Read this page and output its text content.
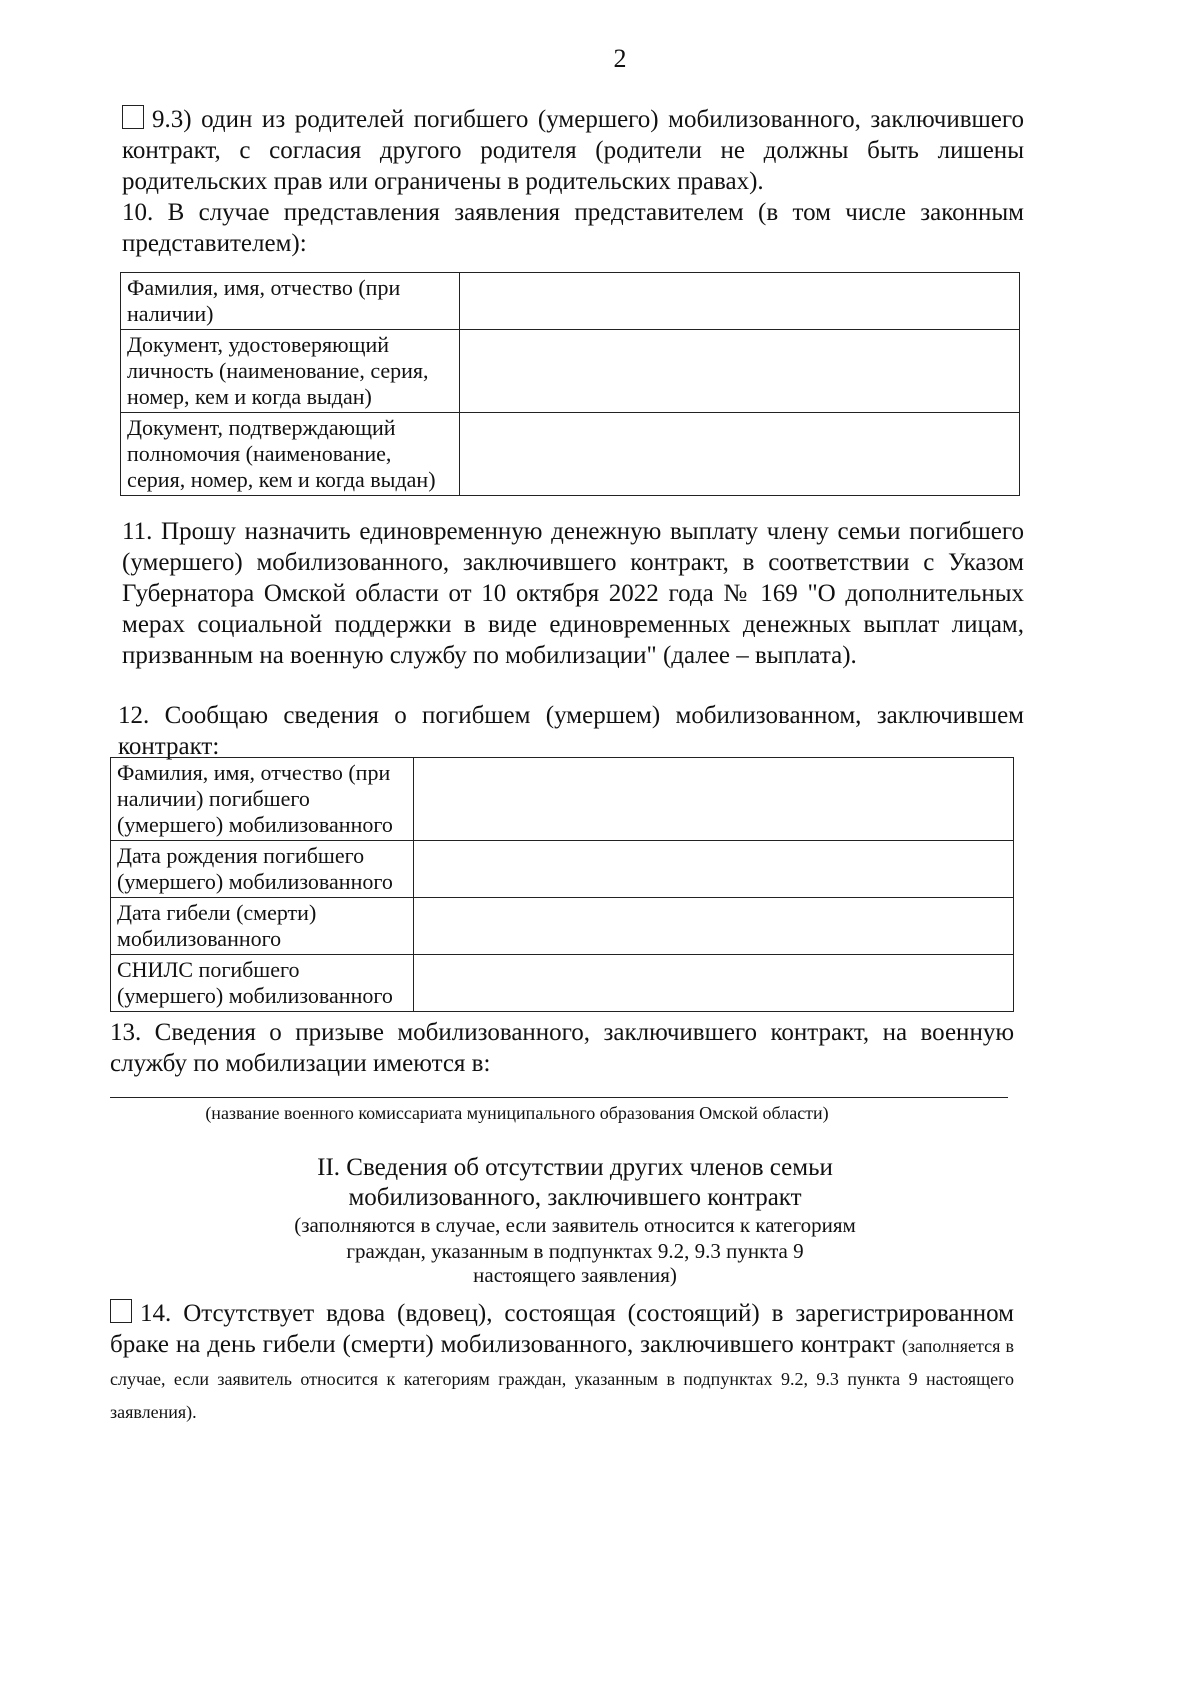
2
9.3) один из родителей погибшего (умершего) мобилизованного, заключившего контракт, с согласия другого родителя (родители не должны быть лишены родительских прав или ограничены в родительских правах).
10. В случае представления заявления представителем (в том числе законным представителем):
Фамилия, имя, отчество (при наличии)	
Документ, удостоверяющий личность (наименование, серия, номер, кем и когда выдан)	
Документ, подтверждающий полномочия (наименование, серия, номер, кем и когда выдан)	
11. Прошу назначить единовременную денежную выплату члену семьи погибшего (умершего) мобилизованного, заключившего контракт, в соответствии с Указом Губернатора Омской области от 10 октября 2022 года № 169 "О дополнительных мерах социальной поддержки в виде единовременных денежных выплат лицам, призванным на военную службу по мобилизации" (далее – выплата).
12. Сообщаю сведения о погибшем (умершем) мобилизованном, заключившем контракт:
Фамилия, имя, отчество (при наличии) погибшего (умершего) мобилизованного	
Дата рождения погибшего (умершего) мобилизованного	
Дата гибели (смерти) мобилизованного	
СНИЛС погибшего (умершего) мобилизованного	
13. Сведения о призыве мобилизованного, заключившего контракт, на военную службу по мобилизации имеются в:
(название военного комиссариата муниципального образования Омской области)
II. Сведения об отсутствии других членов семьи
мобилизованного, заключившего контракт
(заполняются в случае, если заявитель относится к категориям
граждан, указанным в подпунктах 9.2, 9.3 пункта 9
настоящего заявления)
14. Отсутствует вдова (вдовец), состоящая (состоящий) в зарегистрированном браке на день гибели (смерти) мобилизованного, заключившего контракт (заполняется в случае, если заявитель относится к категориям граждан, указанным в подпунктах 9.2, 9.3 пункта 9 настоящего заявления).
